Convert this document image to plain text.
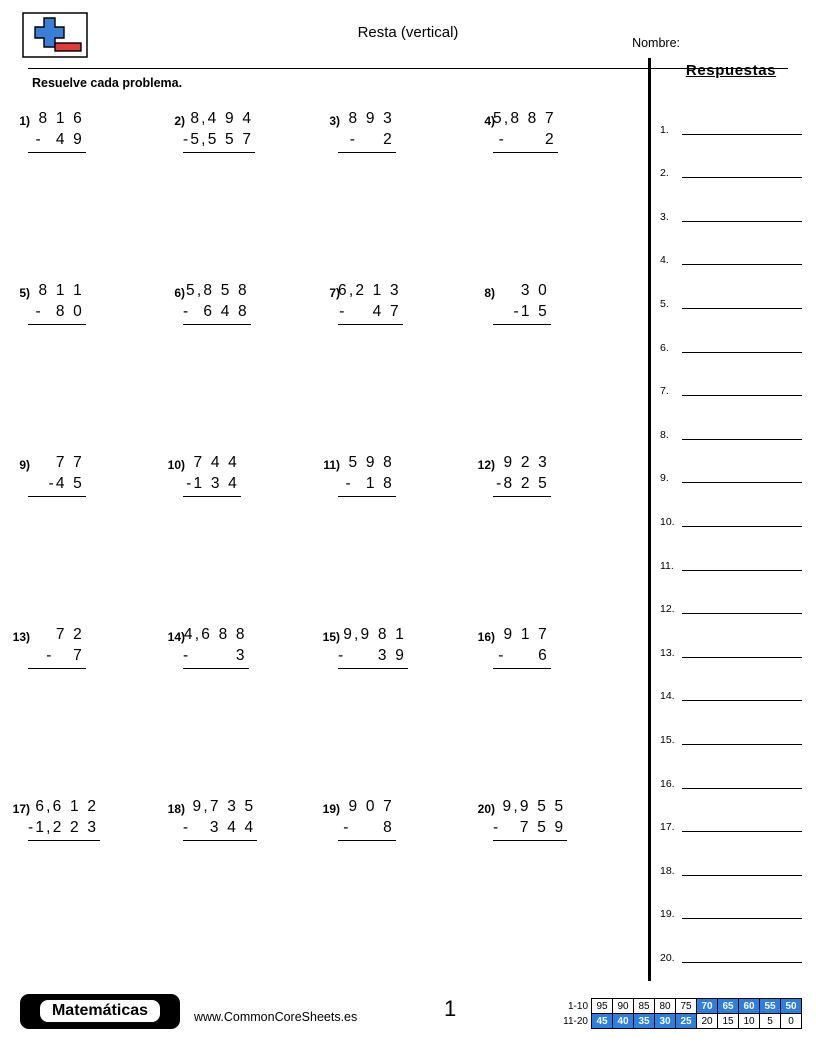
Resta (vertical)
Nombre:
Resuelve cada problema.
1) 8 1 6
-  4 9
2) 8,4 9 4
-5,5 5 7
3) 8 9 3
-    2
4)
5,8 8 7
-      2
5) 8 1 1
-  8 0
6) 5,8 5 8
-  6 4 8
7)
6,2 1 3
-    4 7
8)	3 0
-1 5
9)	7 7
-4 5
10) 7 4 4
-1 3 4
11) 5 9 8
-  1 8
12) 9 2 3
-8 2 5
13)	7 2
-   7
14)
4,6 8 8
-       3
15) 9,9 8 1
-     3 9
16) 9 1 7
-     6
17) 6,6 1 2
-1,2 2 3
18) 9,7 3 5
-   3 4 4
19) 9 0 7
-     8
20) 9,9 5 5
-   7 5 9
Respuestas
1.
2.
3.
4.
5.
6.
7.
8.
9.
10.
11.
12.
13.
14.
15.
16.
17.
18.
19.
20.
Matemáticas	www.CommonCoreSheets.es	1	1-10	95	90	85	80	75	70	65	60	55	50
11-20	45	40	35	30	25	20	15	10	5	0
